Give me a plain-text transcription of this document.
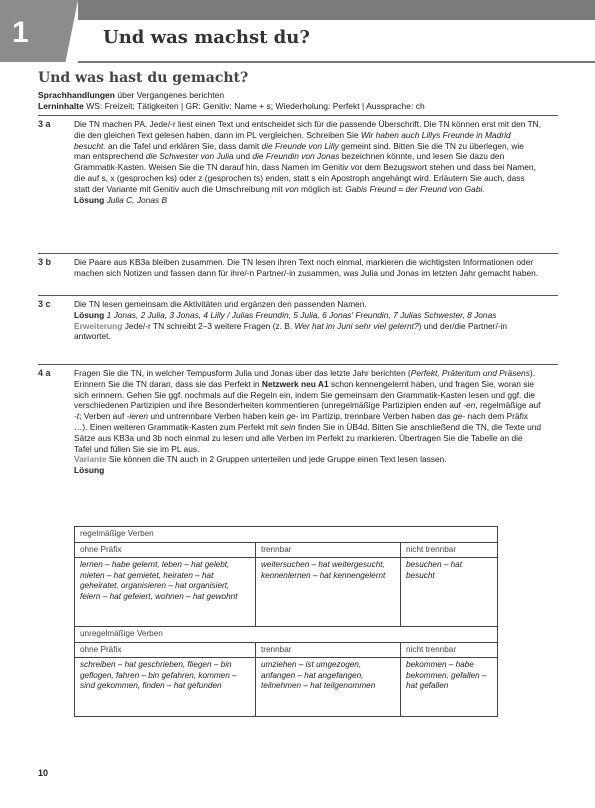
1	Und was machst du?
Und was hast du gemacht?
Sprachhandlungen über Vergangenes berichten
Lerninhalte WS: Freizeit; Tätigkeiten | GR: Genitiv: Name + s; Wiederholung: Perfekt | Aussprache: ch
3 a	Die TN machen PA. Jede/-r liest einen Text und entscheidet sich für die passende Überschrift. Die TN können erst mit den TN, die den gleichen Text gelesen haben, dann im PL vergleichen. Schreiben Sie Wir haben auch Lillys Freunde in Madrid besucht. an die Tafel und erklären Sie, dass damit die Freunde von Lilly gemeint sind. Bitten Sie die TN zu überlegen, wie man entsprechend die Schwester von Julia und die Freundin von Jonas bezeichnen könnte, und lesen Sie dazu den Grammatik-Kasten. Weisen Sie die TN darauf hin, dass Namen im Genitiv vor dem Bezugswort stehen und dass bei Namen, die auf s, x (gesprochen ks) oder z (gesprochen ts) enden, statt s ein Apostroph angehängt wird. Erläutern Sie auch, dass statt der Variante mit Genitiv auch die Umschreibung mit von möglich ist: Gabis Freund = der Freund von Gabi.

Lösung Julia C, Jonas B

3 b	Die Paare aus KB3a bleiben zusammen. Die TN lesen ihren Text noch einmal, markieren die wichtigsten Informationen oder machen sich Notizen und fassen dann für ihre/-n Partner/-in zusammen, was Julia und Jonas im letzten Jahr gemacht haben.

3 c	Die TN lesen gemeinsam die Aktivitäten und ergänzen den passenden Namen.

Lösung 1 Jonas, 2 Julia, 3 Jonas, 4 Lilly / Julias Freundin, 5 Julia, 6 Jonas' Freundin, 7 Julias Schwester, 8 Jonas

Erweiterung Jede/-r TN schreibt 2–3 weitere Fragen (z. B. Wer hat im Juni sehr viel gelernt?) und der/die Partner/-in antwortet.

4 a	Fragen Sie die TN, in welcher Tempusform Julia und Jonas über das letzte Jahr berichten (Perfekt, Präteritum und Präsens). Erinnern Sie die TN daran, dass sie das Perfekt in Netzwerk neu A1 schon kennengelernt haben, und fragen Sie, woran sie sich erinnern. Gehen Sie ggf. nochmals auf die Regeln ein, indem Sie gemeinsam den Grammatik-Kasten lesen und ggf. die verschiedenen Partizipien und ihre Besonderheiten kommentieren (unregelmäßige Partizipien enden auf -en, regelmäßige auf -t; Verben auf -ieren und untrennbare Verben haben kein ge- im Partizip, trennbare Verben haben das ge- nach dem Präfix …). Einen weiteren Grammatik-Kasten zum Perfekt mit sein finden Sie in ÜB4d. Bitten Sie anschließend die TN, die Texte und Sätze aus KB3a und 3b noch einmal zu lesen und alle Verben im Perfekt zu markieren. Übertragen Sie die Tabelle an die Tafel und füllen Sie sie im PL aus.

Variante Sie können die TN auch in 2 Gruppen unterteilen und jede Gruppe einen Text lesen lassen.

Lösung

regelmäßige Verben		
ohne Präfix	trennbar	nicht trennbar
lernen – habe gelernt, leben – hat gelebt, mieten – hat gemietet, heiraten – hat geheiratet, organisieren – hat organisiert, feiern – hat gefeiert, wohnen – hat gewohnt	weitersuchen – hat weitergesucht, kennenlernen – hat kennengelernt	besuchen – hat besucht
unregelmäßige Verben		
ohne Präfix	trennbar	nicht trennbar
schreiben – hat geschrieben, fliegen – bin geflogen, fahren – bin gefahren, kommen – sind gekommen, finden – hat gefunden	umziehen – ist umgezogen, anfangen – hat angefangen, teilnehmen – hat teilgenommen	bekommen – habe bekommen, gefallen – hat gefallen
10
